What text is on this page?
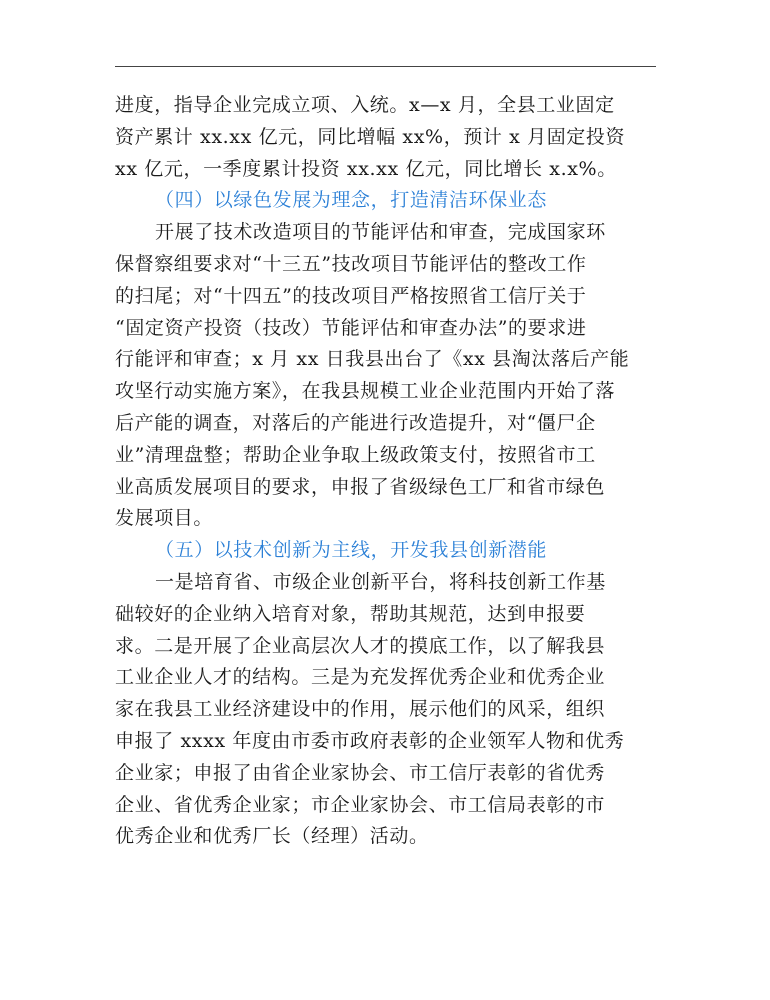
进度，指导企业完成立项、入统。x—x 月，全县工业固定
资产累计 xx.xx 亿元，同比增幅 xx%，预计 x 月固定投资
xx 亿元，一季度累计投资 xx.xx 亿元，同比增长 x.x%。
（四）以绿色发展为理念，打造清洁环保业态
开展了技术改造项目的节能评估和审查，完成国家环
保督察组要求对“十三五”技改项目节能评估的整改工作
的扫尾；对“十四五”的技改项目严格按照省工信厅关于
“固定资产投资（技改）节能评估和审查办法”的要求进
行能评和审查；x 月 xx 日我县出台了《xx 县淘汰落后产能
攻坚行动实施方案》，在我县规模工业企业范围内开始了落
后产能的调查，对落后的产能进行改造提升，对“僵尸企
业”清理盘整；帮助企业争取上级政策支付，按照省市工
业高质发展项目的要求，申报了省级绿色工厂和省市绿色
发展项目。
（五）以技术创新为主线，开发我县创新潜能
一是培育省、市级企业创新平台，将科技创新工作基
础较好的企业纳入培育对象，帮助其规范，达到申报要
求。二是开展了企业高层次人才的摸底工作，以了解我县
工业企业人才的结构。三是为充发挥优秀企业和优秀企业
家在我县工业经济建设中的作用，展示他们的风采，组织
申报了 xxxx 年度由市委市政府表彰的企业领军人物和优秀
企业家；申报了由省企业家协会、市工信厅表彰的省优秀
企业、省优秀企业家；市企业家协会、市工信局表彰的市
优秀企业和优秀厂长（经理）活动。
